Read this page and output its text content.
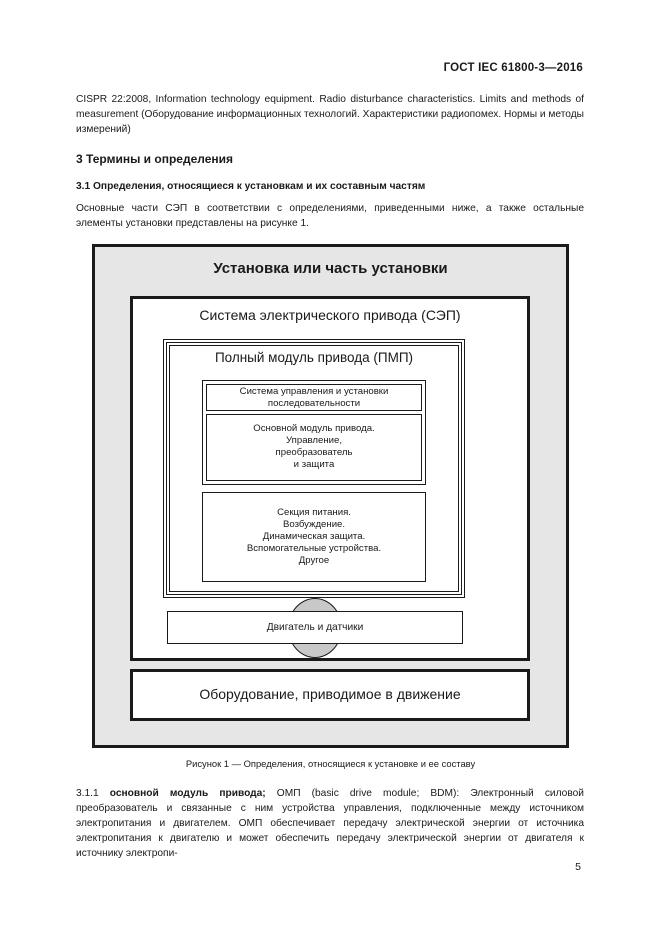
ГОСТ IEC 61800-3—2016
CISPR 22:2008, Information technology equipment. Radio disturbance characteristics. Limits and methods of measurement (Оборудование информационных технологий. Характеристики радиопомех. Нормы и методы измерений)
3 Термины и определения
3.1 Определения, относящиеся к установкам и их составным частям
Основные части СЭП в соответствии с определениями, приведенными ниже, а также остальные элементы установки представлены на рисунке 1.
Установка или часть установки
Система электрического привода (СЭП)
Полный модуль привода (ПМП)
Система управления и установки
последовательности
Основной модуль привода.
Управление,
преобразователь
и защита
Секция питания.
Возбуждение.
Динамическая защита.
Вспомогательные устройства.
Другое
Двигатель и датчики
Оборудование, приводимое в движение
Рисунок 1 — Определения, относящиеся к установке и ее составу
3.1.1 основной модуль привода; ОМП (basic drive module; BDM): Электронный силовой преобразователь и связанные с ним устройства управления, подключенные между источником электропитания и двигателем. ОМП обеспечивает передачу электрической энергии от источника электропитания к двигателю и может обеспечить передачу электрической энергии от двигателя к источнику электропи-
5
